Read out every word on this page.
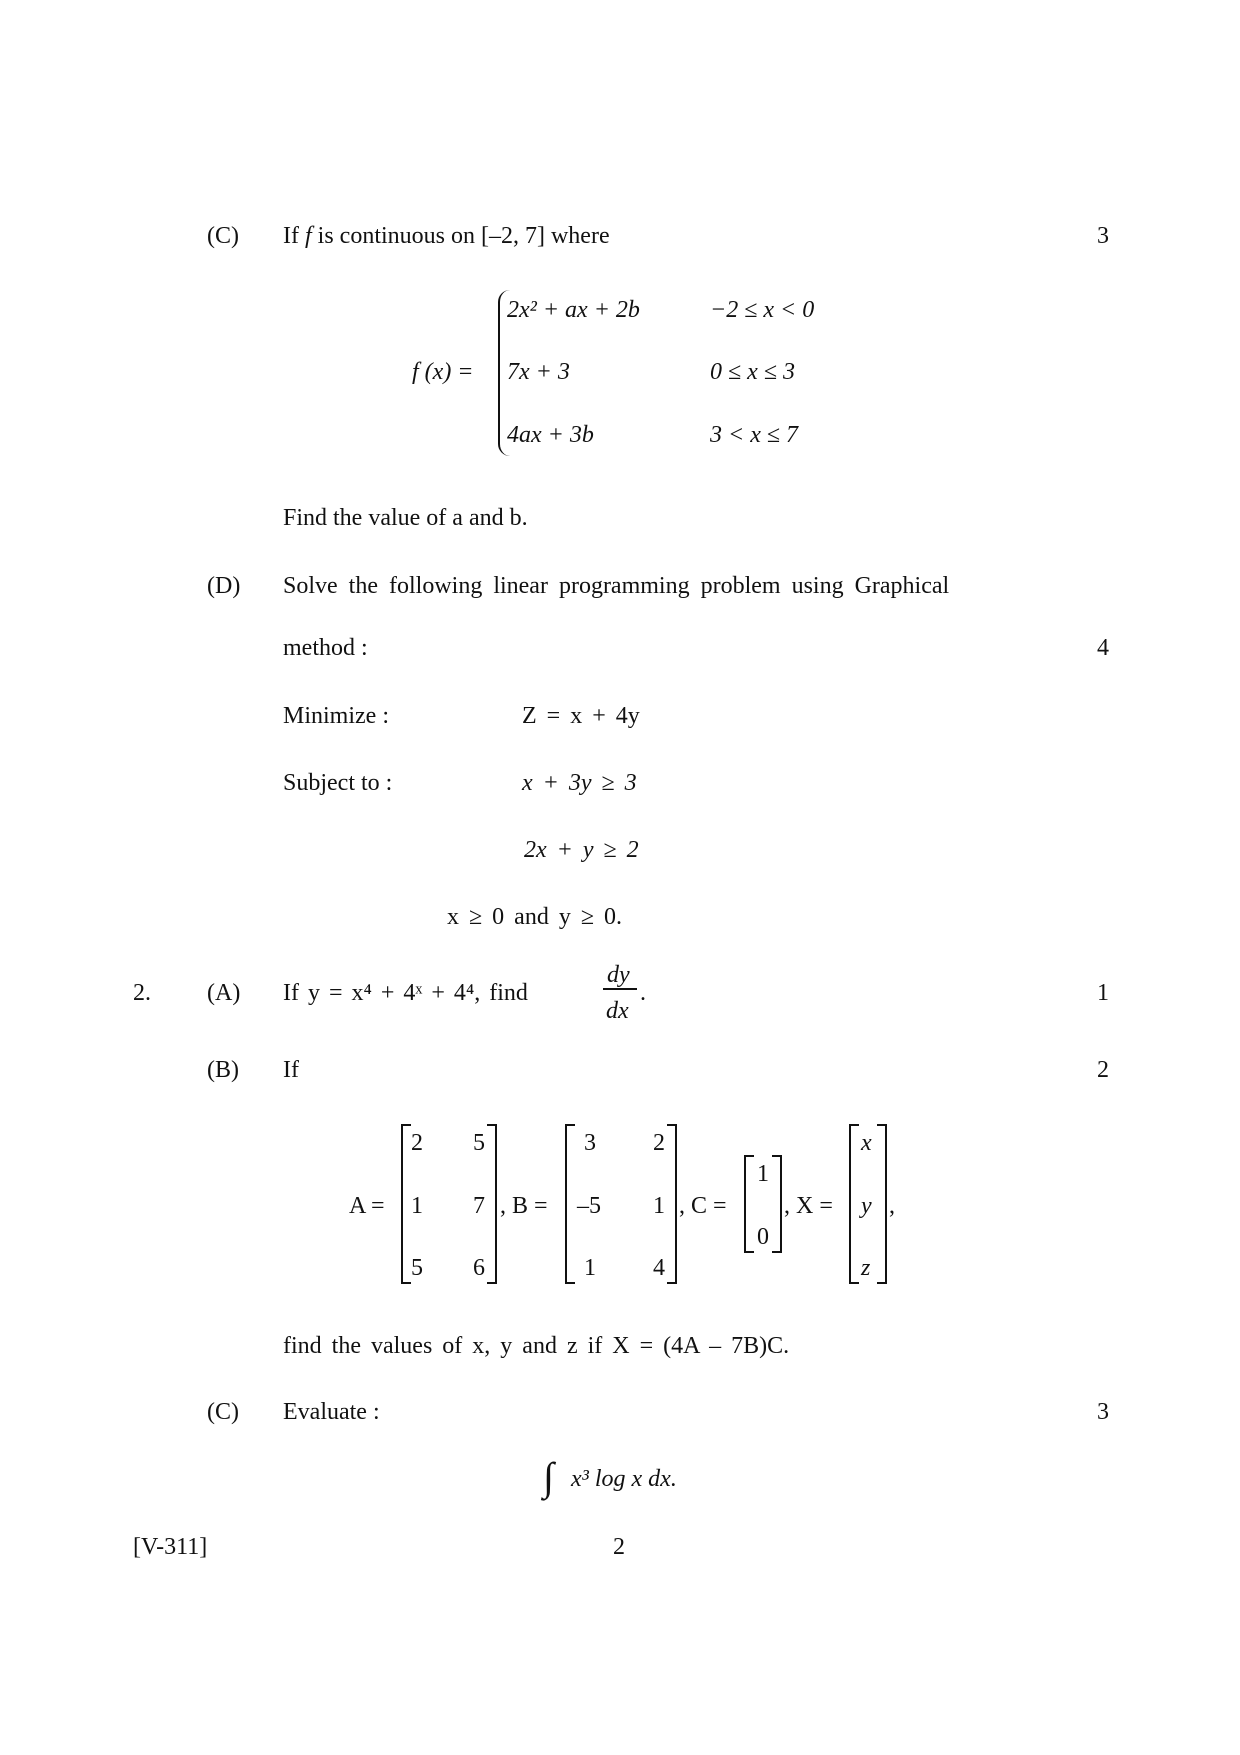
(C) If f is continuous on [–2, 7] where	3
f (x) =
2x² + ax + 2b	−2 ≤ x < 0
7x + 3	0 ≤ x ≤ 3
4ax + 3b	3 < x ≤ 7
Find the value of a and b.
(D) Solve the following linear programming problem using Graphical
method :	4
Minimize :	Z = x + 4y
Subject to :	x + 3y ≥ 3
2x + y ≥ 2
x ≥ 0 and y ≥ 0.
2. (A) If y = x⁴ + 4ˣ + 4⁴, find
dy
dx
.	1
(B) If	2
A =
2 5
1 7
5 6
, B =
3 2
–5 1
1 4
, C =
1
0
, X =
x
y
z
,
find the values of x, y and z if X = (4A – 7B)C.
(C) Evaluate :	3
∫ x³ log x dx.
[V-311]	2
